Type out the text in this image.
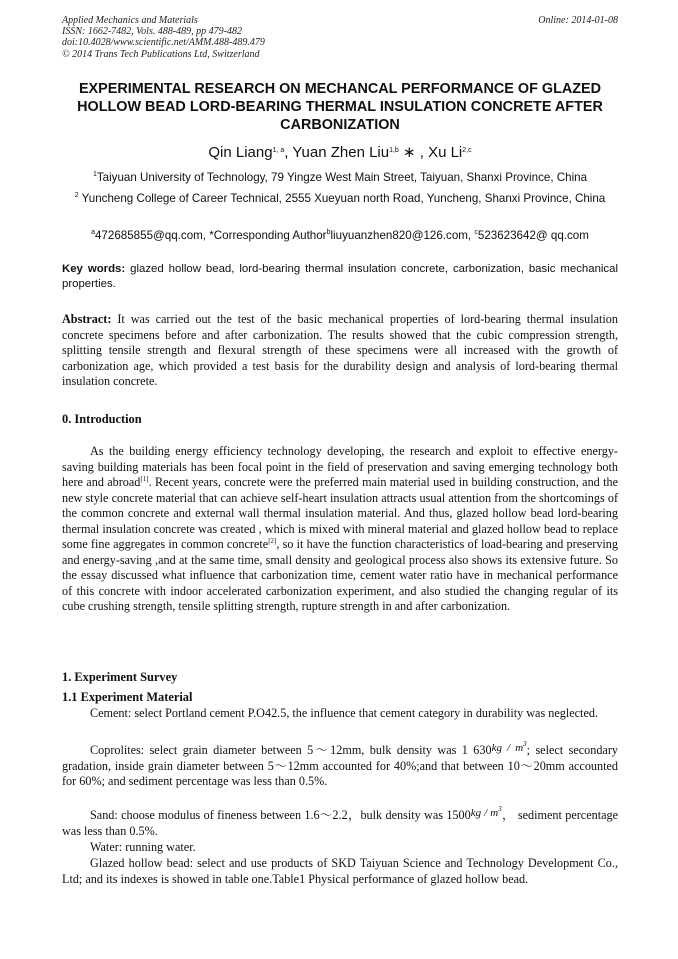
Applied Mechanics and Materials
ISSN: 1662-7482, Vols. 488-489, pp 479-482
doi:10.4028/www.scientific.net/AMM.488-489.479
© 2014 Trans Tech Publications Ltd, Switzerland
Online: 2014-01-08
EXPERIMENTAL RESEARCH ON MECHANCAL PERFORMANCE OF GLAZED HOLLOW BEAD LORD-BEARING THERMAL INSULATION CONCRETE AFTER CARBONIZATION
Qin Liang$^{1, a}$, Yuan Zhen Liu$^{1,b}$ ∗ , Xu Li$^{2,c}$
$^1$Taiyuan University of Technology, 79 Yingze West Main Street, Taiyuan, Shanxi Province, China
$^2$ Yuncheng College of Career Technical, 2555 Xueyuan north Road, Yuncheng, Shanxi Province, China
$^a$472685855@qq.com, *Corresponding Author$^b$liuyuanzhen820@126.com, $^c$523623642@ qq.com
Key words: glazed hollow bead, lord-bearing thermal insulation concrete, carbonization, basic mechanical properties.
Abstract: It was carried out the test of the basic mechanical properties of lord-bearing thermal insulation concrete specimens before and after carbonization. The results showed that the cubic compression strength, splitting tensile strength and flexural strength of these specimens were all increased with the growth of carbonization age, which provided a test basis for the durability design and analysis of lord-bearing thermal insulation concrete.
0. Introduction
As the building energy efficiency technology developing, the research and exploit to effective energy-saving building materials has been focal point in the field of preservation and saving emerging technology both here and abroad[1]. Recent years, concrete were the preferred main material used in building construction, and the new style concrete material that can achieve self-heart insulation attracts usual attention from the shortcomings of the common concrete and external wall thermal insulation material. And thus, glazed hollow bead lord-bearing thermal insulation concrete was created , which is mixed with mineral material and glazed hollow bead to replace some fine aggregates in common concrete[2], so it have the function characteristics of load-bearing and preserving and energy-saving ,and at the same time, small density and geological process also shows its extensive future. So the essay discussed what influence that carbonization time, cement water ratio have in mechanical performance of this concrete with indoor accelerated carbonization experiment, and also studied the changing regular of its cube crushing strength, tensile splitting strength, rupture strength in and after carbonization.
1. Experiment Survey
1.1 Experiment Material
Cement: select Portland cement P.O42.5, the influence that cement category in durability was neglected.
Coprolites: select grain diameter between 5～12mm, bulk density was 1 $630kg / m^3$; select secondary gradation, inside grain diameter between 5～12mm accounted for 40%;and that between 10～20mm accounted for 60%; and sediment percentage was less than 0.5%.
Sand: choose modulus of fineness between 1.6～2.2，bulk density was $1500kg / m^3$， sediment percentage was less than 0.5%.
Water: running water.
Glazed hollow bead: select and use products of SKD Taiyuan Science and Technology Development Co., Ltd; and its indexes is showed in table one.Table1 Physical performance of glazed hollow bead.
